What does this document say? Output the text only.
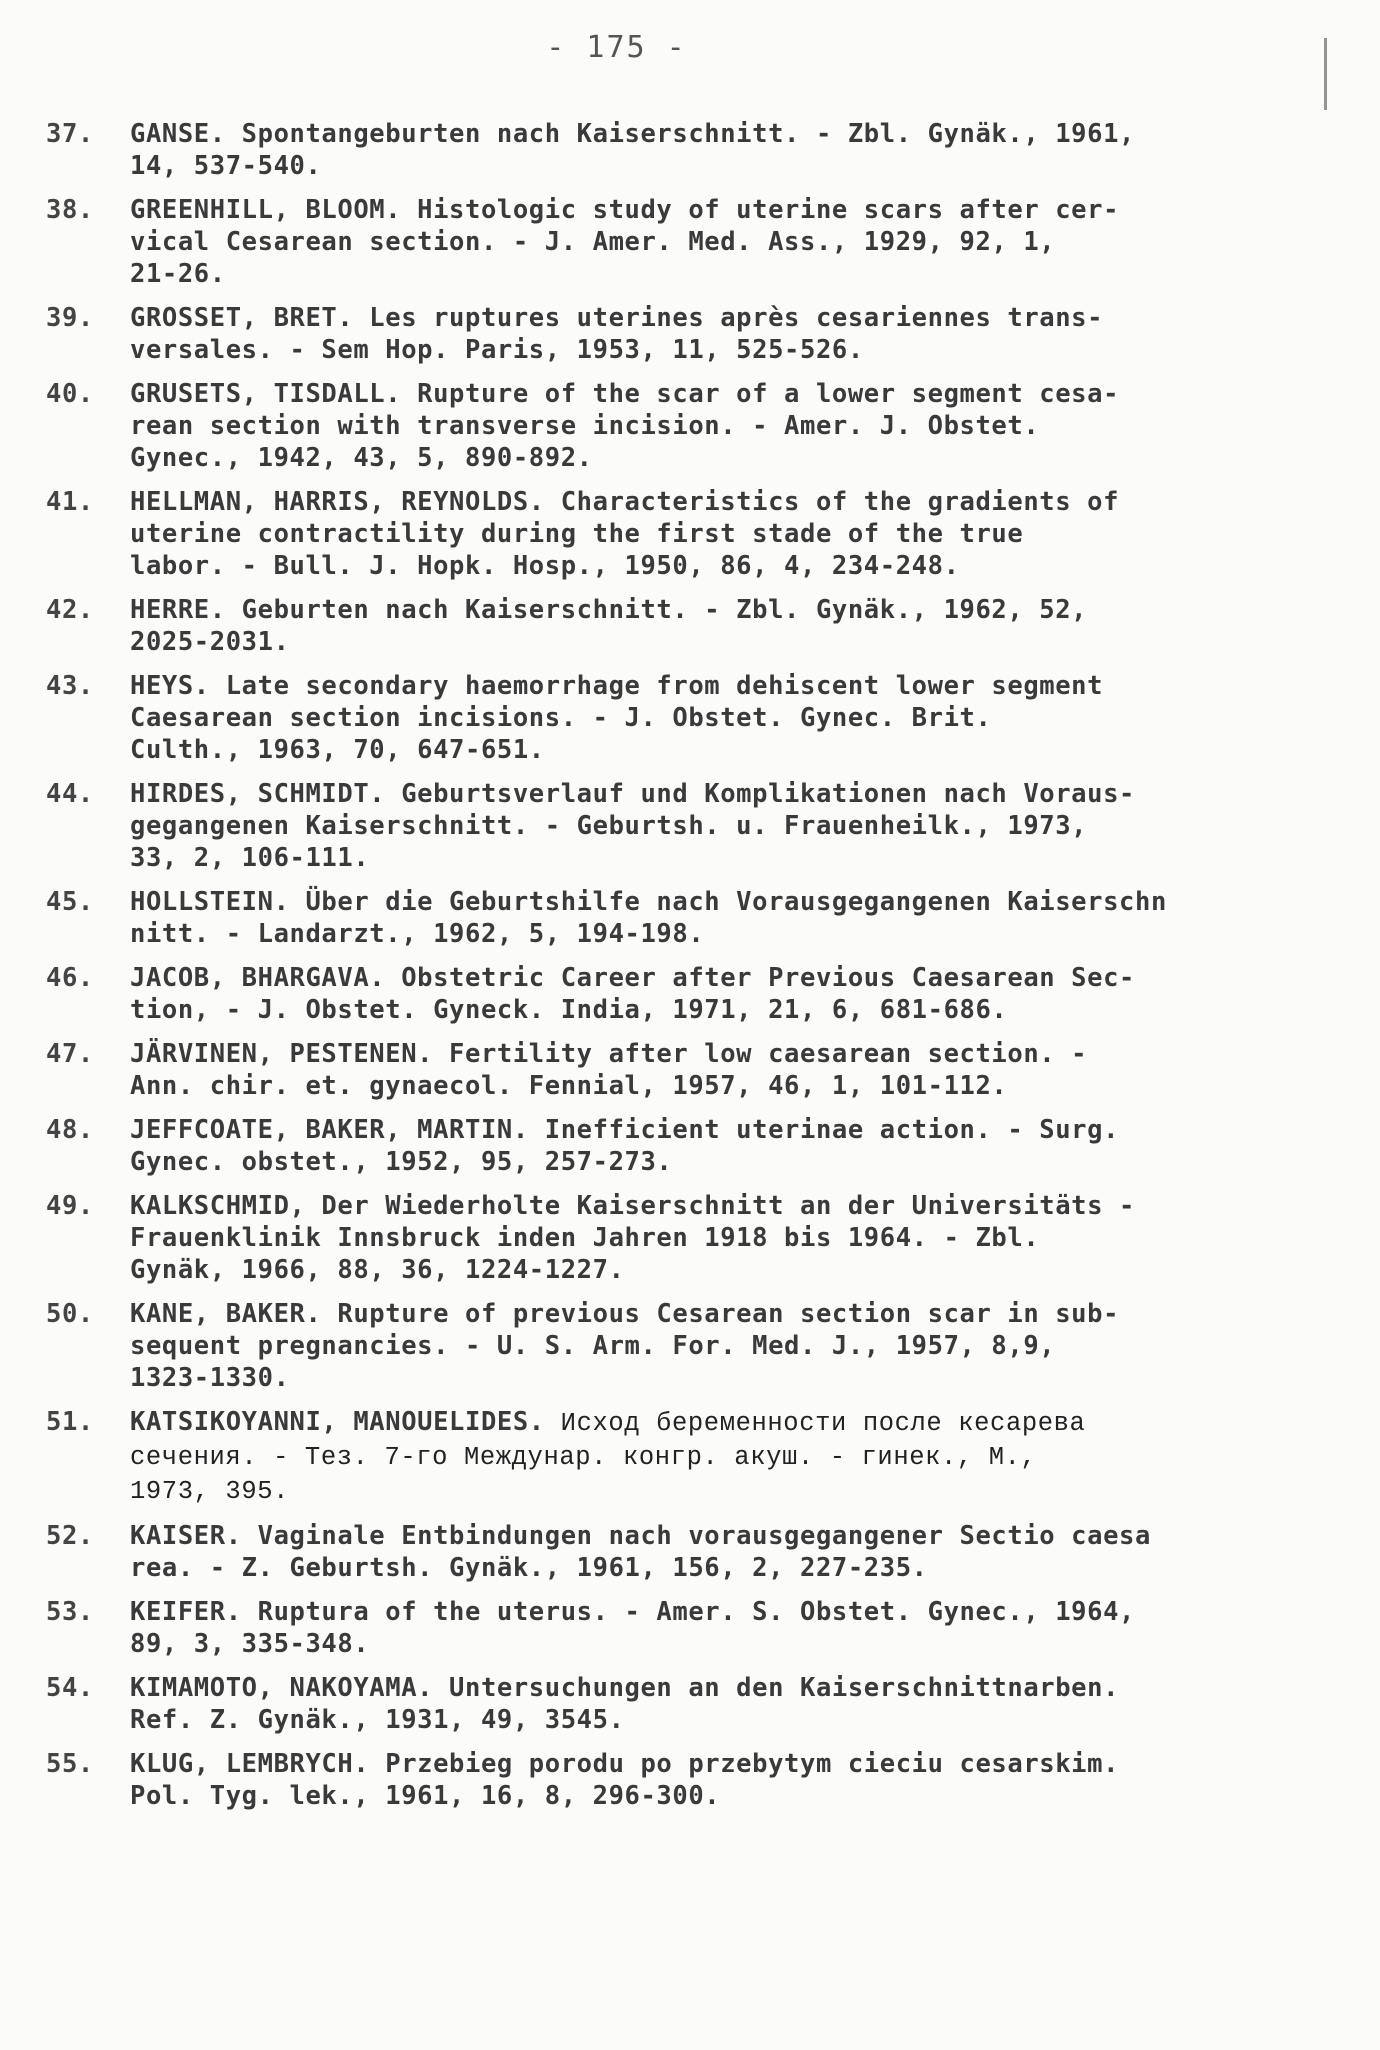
- 175 -
37.	GANSE. Spontangeburten nach Kaiserschnitt. - Zbl. Gynäk., 1961,
14, 537-540.
38.	GREENHILL, BLOOM. Histologic study of uterine scars after cer-
vical Cesarean section. - J. Amer. Med. Ass., 1929, 92, 1,
21-26.
39.	GROSSET, BRET. Les ruptures uterines après cesariennes trans-
versales. - Sem Hop. Paris, 1953, 11, 525-526.
40.	GRUSETS, TISDALL. Rupture of the scar of a lower segment cesa-
rean section with transverse incision. - Amer. J. Obstet.
Gynec., 1942, 43, 5, 890-892.
41.	HELLMAN, HARRIS, REYNOLDS. Characteristics of the gradients of
uterine contractility during the first stade of the true
labor. - Bull. J. Hopk. Hosp., 1950, 86, 4, 234-248.
42.	HERRE. Geburten nach Kaiserschnitt. - Zbl. Gynäk., 1962, 52,
2025-2031.
43.	HEYS. Late secondary haemorrhage from dehiscent lower segment
Caesarean section incisions. - J. Obstet. Gynec. Brit.
Culth., 1963, 70, 647-651.
44.	HIRDES, SCHMIDT. Geburtsverlauf und Komplikationen nach Voraus-
gegangenen Kaiserschnitt. - Geburtsh. u. Frauenheilk., 1973,
33, 2, 106-111.
45.	HOLLSTEIN. Über die Geburtshilfe nach Vorausgegangenen Kaiserschn
nitt. - Landarzt., 1962, 5, 194-198.
46.	JACOB, BHARGAVA. Obstetric Career after Previous Caesarean Sec-
tion, - J. Obstet. Gyneck. India, 1971, 21, 6, 681-686.
47.	JÄRVINEN, PESTENEN. Fertility after low caesarean section. -
Ann. chir. et. gynaecol. Fennial, 1957, 46, 1, 101-112.
48.	JEFFCOATE, BAKER, MARTIN. Inefficient uterinae action. - Surg.
Gynec. obstet., 1952, 95, 257-273.
49.	KALKSCHMID, Der Wiederholte Kaiserschnitt an der Universitäts -
Frauenklinik Innsbruck inden Jahren 1918 bis 1964. - Zbl.
Gynäk, 1966, 88, 36, 1224-1227.
50.	KANE, BAKER. Rupture of previous Cesarean section scar in sub-
sequent pregnancies. - U. S. Arm. For. Med. J., 1957, 8,9,
1323-1330.
51.	KATSIKOYANNI, MANOUELIDES. Исход беременности после кесарева
сечения. - Тез. 7-го Междунар. конгр. акуш. - гинек., М.,
1973, 395.
52.	KAISER. Vaginale Entbindungen nach vorausgegangener Sectio caesa
rea. - Z. Geburtsh. Gynäk., 1961, 156, 2, 227-235.
53.	KEIFER. Ruptura of the uterus. - Amer. S. Obstet. Gynec., 1964,
89, 3, 335-348.
54.	KIMAMOTO, NAKOYAMA. Untersuchungen an den Kaiserschnittnarben.
Ref. Z. Gynäk., 1931, 49, 3545.
55.	KLUG, LEMBRYCH. Przebieg porodu po przebytym cieciu cesarskim.
Pol. Tyg. lek., 1961, 16, 8, 296-300.
